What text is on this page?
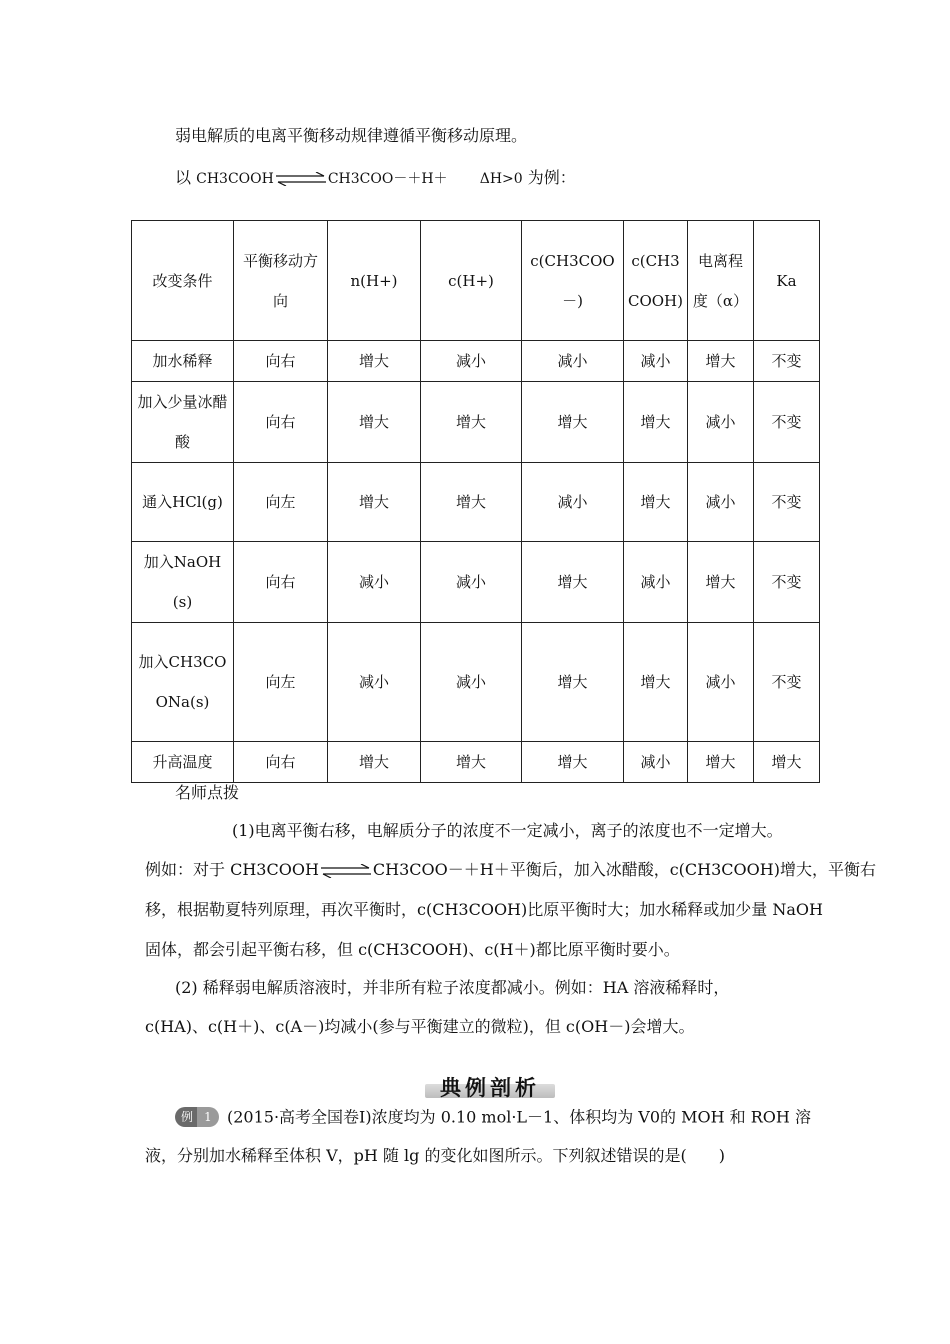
弱电解质的电离平衡移动规律遵循平衡移动原理。
以 CH3COOH ⇌ CH3COO－＋H＋ ΔH>0 为例：
改变条件	平衡移动方向	n(H+)	c(H+)	c(CH3COO－)	c(CH3COOH)	电离程度（α）	Ka
加水稀释	向右	增大	减小	减小	减小	增大	不变
加入少量冰醋酸	向右	增大	增大	增大	增大	减小	不变
通入HCl(g)	向左	增大	增大	减小	增大	减小	不变
加入NaOH(s)	向右	减小	减小	增大	减小	增大	不变
加入CH3COONa(s)	向左	减小	减小	增大	增大	减小	不变
升高温度	向右	增大	增大	增大	减小	增大	增大
名师点拨
(1)电离平衡右移，电解质分子的浓度不一定减小，离子的浓度也不一定增大。
例如：对于 CH3COOH ⇌ CH3COO－＋H＋平衡后，加入冰醋酸，c(CH3COOH)增大，平衡右
移，根据勒夏特列原理，再次平衡时，c(CH3COOH)比原平衡时大；加水稀释或加少量 NaOH
固体，都会引起平衡右移，但 c(CH3COOH)、c(H＋)都比原平衡时要小。
(2) 稀释弱电解质溶液时，并非所有粒子浓度都减小。例如：HA 溶液稀释时，
c(HA)、c(H＋)、c(A－)均减小(参与平衡建立的微粒)，但 c(OH－)会增大。
典例剖析
例 1 (2015·高考全国卷Ⅰ)浓度均为 0.10 mol·L－1、体积均为 V0的 MOH 和 ROH 溶
液，分别加水稀释至体积 V，pH 随 lg 的变化如图所示。下列叙述错误的是(　　)
